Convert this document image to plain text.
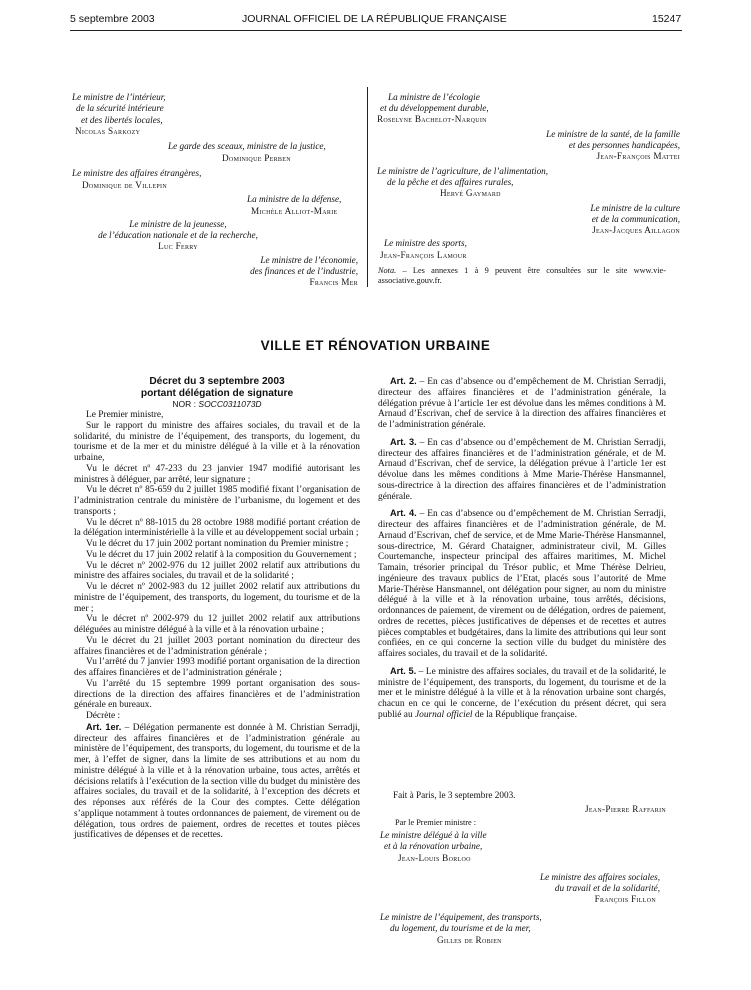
5 septembre 2003	JOURNAL OFFICIEL DE LA RÉPUBLIQUE FRANÇAISE	15247
Le ministre de l’intérieur,
de la sécurité intérieure
et des libertés locales,
Nicolas Sarkozy
Le garde des sceaux, ministre de la justice,
Dominique Perben
Le ministre des affaires étrangères,
Dominique de Villepin
La ministre de la défense,
Michèle Alliot-Marie
Le ministre de la jeunesse,
de l’éducation nationale et de la recherche,
Luc Ferry
Le ministre de l’économie,
des finances et de l’industrie,
Francis Mer
La ministre de l’écologie
et du développement durable,
Roselyne Bachelot-Narquin
Le ministre de la santé, de la famille
et des personnes handicapées,
Jean-François Mattei
Le ministre de l’agriculture, de l’alimentation,
de la pêche et des affaires rurales,
Hervé Gaymard
Le ministre de la culture
et de la communication,
Jean-Jacques Aillagon
Le ministre des sports,
Jean-François Lamour
Nota. – Les annexes 1 à 9 peuvent être consultées sur le site www.vie-associative.gouv.fr.
VILLE ET RÉNOVATION URBAINE
Décret du 3 septembre 2003
portant délégation de signature
NOR : SOCC0311073D

Le Premier ministre,

Sur le rapport du ministre des affaires sociales, du travail et de la solidarité, du ministre de l’équipement, des transports, du logement, du tourisme et de la mer et du ministre délégué à la ville et à la rénovation urbaine,

Vu le décret nº 47-233 du 23 janvier 1947 modifié autorisant les ministres à déléguer, par arrêté, leur signature ;

Vu le décret nº 85-659 du 2 juillet 1985 modifié fixant l’organisation de l’administration centrale du ministère de l’urbanisme, du logement et des transports ;

Vu le décret nº 88-1015 du 28 octobre 1988 modifié portant création de la délégation interministérielle à la ville et au développement social urbain ;

Vu le décret du 17 juin 2002 portant nomination du Premier ministre ;

Vu le décret du 17 juin 2002 relatif à la composition du Gouvernement ;

Vu le décret nº 2002-976 du 12 juillet 2002 relatif aux attributions du ministre des affaires sociales, du travail et de la solidarité ;

Vu le décret nº 2002-983 du 12 juillet 2002 relatif aux attributions du ministre de l’équipement, des transports, du logement, du tourisme et de la mer ;

Vu le décret nº 2002-979 du 12 juillet 2002 relatif aux attributions déléguées au ministre délégué à la ville et à la rénovation urbaine ;

Vu le décret du 21 juillet 2003 portant nomination du directeur des affaires financières et de l’administration générale ;

Vu l’arrêté du 7 janvier 1993 modifié portant organisation de la direction des affaires financières et de l’administration générale ;

Vu l’arrêté du 15 septembre 1999 portant organisation des sous-directions de la direction des affaires financières et de l’administration générale en bureaux.

Décrète :

Art. 1er. – Délégation permanente est donnée à M. Christian Serradji, directeur des affaires financières et de l’administration générale au ministère de l’équipement, des transports, du logement, du tourisme et de la mer, à l’effet de signer, dans la limite de ses attributions et au nom du ministre délégué à la ville et à la rénovation urbaine, tous actes, arrêtés et décisions relatifs à l’exécution de la section ville du budget du ministère des affaires sociales, du travail et de la solidarité, à l’exception des décrets et des réponses aux référés de la Cour des comptes. Cette délégation s’applique notamment à toutes ordonnances de paiement, de virement ou de délégation, tous ordres de paiement, ordres de recettes et toutes pièces justificatives de dépenses et de recettes.

Art. 2. – En cas d’absence ou d’empêchement de M. Christian Serradji, directeur des affaires financières et de l’administration générale, la délégation prévue à l’article 1er est dévolue dans les mêmes conditions à M. Arnaud d’Escrivan, chef de service à la direction des affaires financières et de l’administration générale.

Art. 3. – En cas d’absence ou d’empêchement de M. Christian Serradji, directeur des affaires financières et de l’administration générale, et de M. Arnaud d’Escrivan, chef de service, la délégation prévue à l’article 1er est dévolue dans les mêmes conditions à Mme Marie-Thérèse Hansmannel, sous-directrice à la direction des affaires financières et de l’administration générale.

Art. 4. – En cas d’absence ou d’empêchement de M. Christian Serradji, directeur des affaires financières et de l’administration générale, de M. Arnaud d’Escrivan, chef de service, et de Mme Marie-Thérèse Hansmannel, sous-directrice, M. Gérard Chataigner, administrateur civil, M. Gilles Courtemanche, inspecteur principal des affaires maritimes, M. Michel Tamain, trésorier principal du Trésor public, et Mme Thérèse Delrieu, ingénieure des travaux publics de l’Etat, placés sous l’autorité de Mme Marie-Thérèse Hansmannel, ont délégation pour signer, au nom du ministre délégué à la ville et à la rénovation urbaine, tous arrêtés, décisions, ordonnances de paiement, de virement ou de délégation, ordres de paiement, ordres de recettes, pièces justificatives de dépenses et de recettes et autres pièces comptables et budgétaires, dans la limite des attributions qui leur sont confiées, en ce qui concerne la section ville du budget du ministère des affaires sociales, du travail et de la solidarité.

Art. 5. – Le ministre des affaires sociales, du travail et de la solidarité, le ministre de l’équipement, des transports, du logement, du tourisme et de la mer et le ministre délégué à la ville et à la rénovation urbaine sont chargés, chacun en ce qui le concerne, de l’exécution du présent décret, qui sera publié au Journal officiel de la République française.

Fait à Paris, le 3 septembre 2003.
Jean-Pierre Raffarin
Par le Premier ministre :
Le ministre délégué à la ville
et à la rénovation urbaine,
Jean-Louis Borloo
Le ministre des affaires sociales,
du travail et de la solidarité,
François Fillon
Le ministre de l’équipement, des transports,
du logement, du tourisme et de la mer,
Gilles de Robien
